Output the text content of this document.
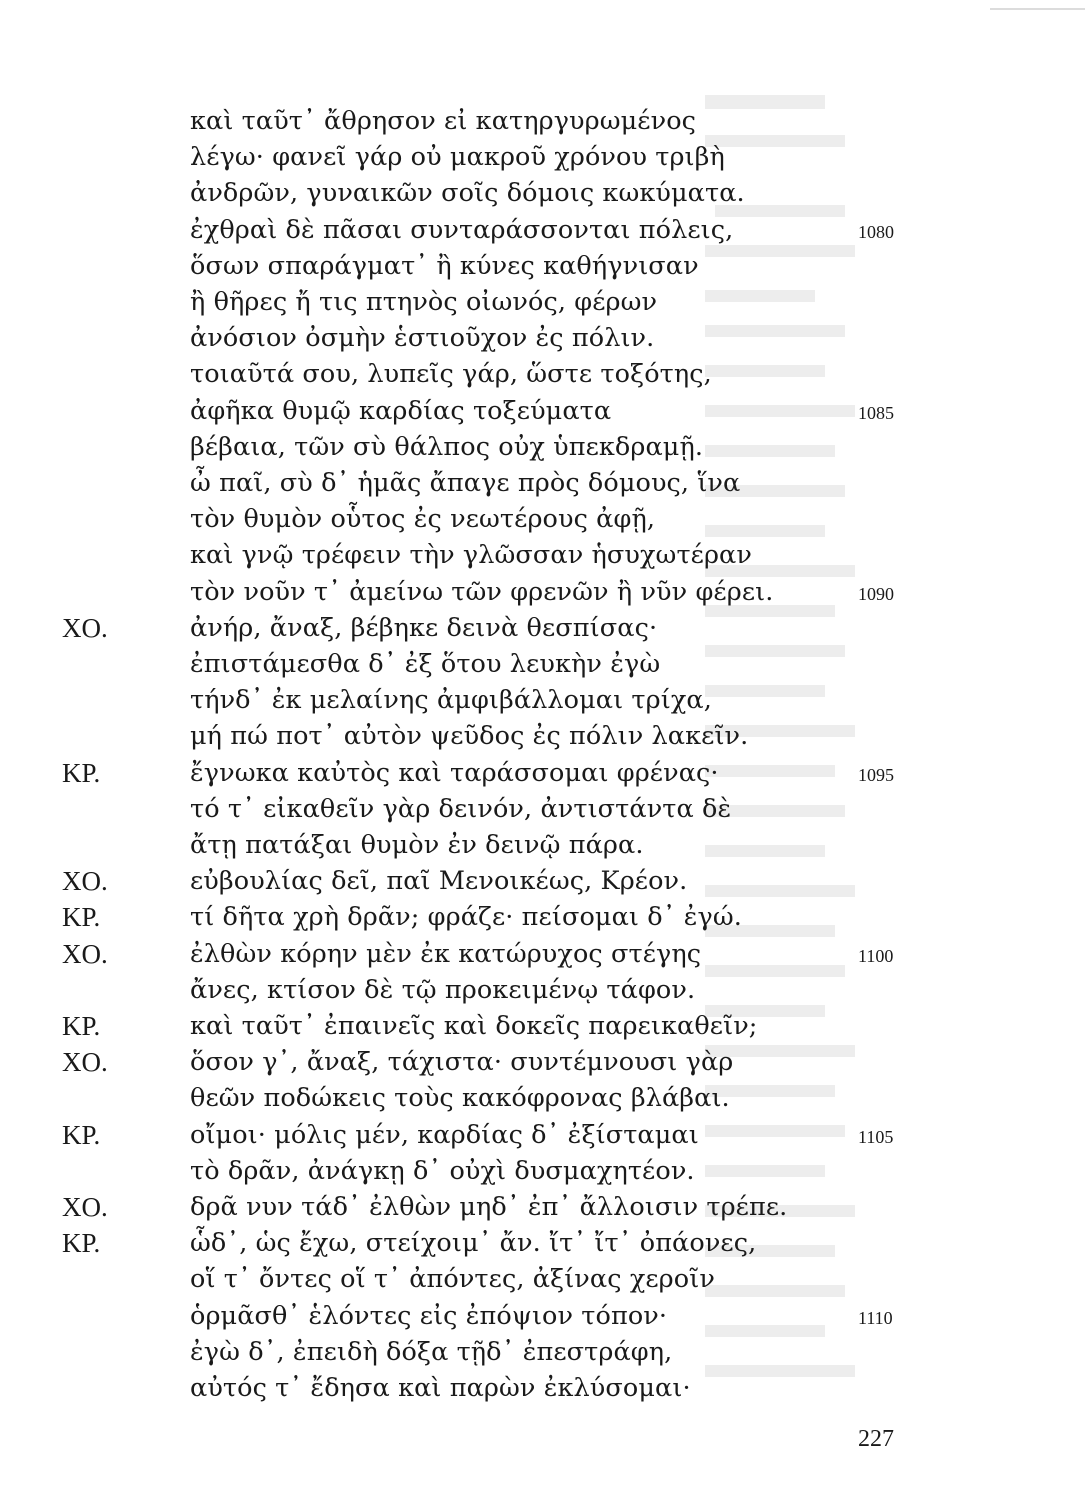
καὶ ταῦτ᾽ ἄθρησον εἰ κατηργυρωμένος
λέγω· φανεῖ γάρ οὐ μακροῦ χρόνου τριβὴ
ἀνδρῶν, γυναικῶν σοῖς δόμοις κωκύματα.
ἐχθραὶ δὲ πᾶσαι συνταράσσονται πόλεις,	1080
ὅσων σπαράγματ᾽ ἢ κύνες καθήγνισαν
ἢ θῆρες ἤ τις πτηνὸς οἰωνός, φέρων
ἀνόσιον ὀσμὴν ἑστιοῦχον ἐς πόλιν.
τοιαῦτά σου, λυπεῖς γάρ, ὥστε τοξότης,
ἀφῆκα θυμῷ καρδίας τοξεύματα	1085
βέβαια, τῶν σὺ θάλπος οὐχ ὑπεκδραμῇ.
ὦ παῖ, σὺ δ᾽ ἡμᾶς ἄπαγε πρὸς δόμους, ἵνα
τὸν θυμὸν οὗτος ἐς νεωτέρους ἀφῇ,
καὶ γνῷ τρέφειν τὴν γλῶσσαν ἡσυχωτέραν
τὸν νοῦν τ᾽ ἀμείνω τῶν φρενῶν ἢ νῦν φέρει.	1090
ΧΟ.	ἀνήρ, ἄναξ, βέβηκε δεινὰ θεσπίσας·
ἐπιστάμεσθα δ᾽ ἐξ ὅτου λευκὴν ἐγὼ
τήνδ᾽ ἐκ μελαίνης ἀμφιβάλλομαι τρίχα,
μή πώ ποτ᾽ αὐτὸν ψεῦδος ἐς πόλιν λακεῖν.
ΚΡ.	ἔγνωκα καὐτὸς καὶ ταράσσομαι φρένας·	1095
τό τ᾽ εἰκαθεῖν γὰρ δεινόν, ἀντιστάντα δὲ
ἄτῃ πατάξαι θυμὸν ἐν δεινῷ πάρα.
ΧΟ.	εὐβουλίας δεῖ, παῖ Μενοικέως, Κρέον.
ΚΡ.	τί δῆτα χρὴ δρᾶν; φράζε· πείσομαι δ᾽ ἐγώ.
ΧΟ.	ἐλθὼν κόρην μὲν ἐκ κατώρυχος στέγης	1100
ἄνες, κτίσον δὲ τῷ προκειμένῳ τάφον.
ΚΡ.	καὶ ταῦτ᾽ ἐπαινεῖς καὶ δοκεῖς παρεικαθεῖν;
ΧΟ.	ὅσον γ᾽, ἄναξ, τάχιστα· συντέμνουσι γὰρ
θεῶν ποδώκεις τοὺς κακόφρονας βλάβαι.
ΚΡ.	οἴμοι· μόλις μέν, καρδίας δ᾽ ἐξίσταμαι	1105
τὸ δρᾶν, ἀνάγκῃ δ᾽ οὐχὶ δυσμαχητέον.
ΧΟ.	δρᾶ νυν τάδ᾽ ἐλθὼν μηδ᾽ ἐπ᾽ ἄλλοισιν τρέπε.
ΚΡ.	ὧδ᾽, ὡς ἔχω, στείχοιμ᾽ ἄν. ἴτ᾽ ἴτ᾽ ὀπάονες,
οἵ τ᾽ ὄντες οἵ τ᾽ ἀπόντες, ἀξίνας χεροῖν
ὁρμᾶσθ᾽ ἑλόντες εἰς ἐπόψιον τόπον·	1110
ἐγὼ δ᾽, ἐπειδὴ δόξα τῇδ᾽ ἐπεστράφη,
αὐτός τ᾽ ἔδησα καὶ παρὼν ἐκλύσομαι·
227
